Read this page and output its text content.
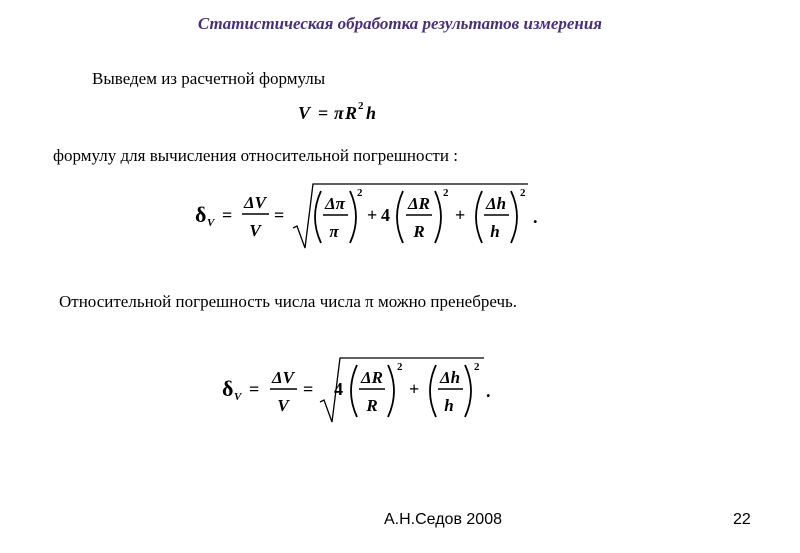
Статистическая обработка результатов измерения
Выведем из расчетной формулы
V = π R 2 h
формулу для вычисления относительной погрешности :
δ V =
ΔV
V
=
Δπ
π
2
+ 4
ΔR
R
2
+
Δh
h
2
.
Относительной погрешность числа числа π можно пренебречь.
δ V =
ΔV
V
= 4
ΔR
R
2
+
Δh
h
2
.
А.Н.Седов 2008	22
